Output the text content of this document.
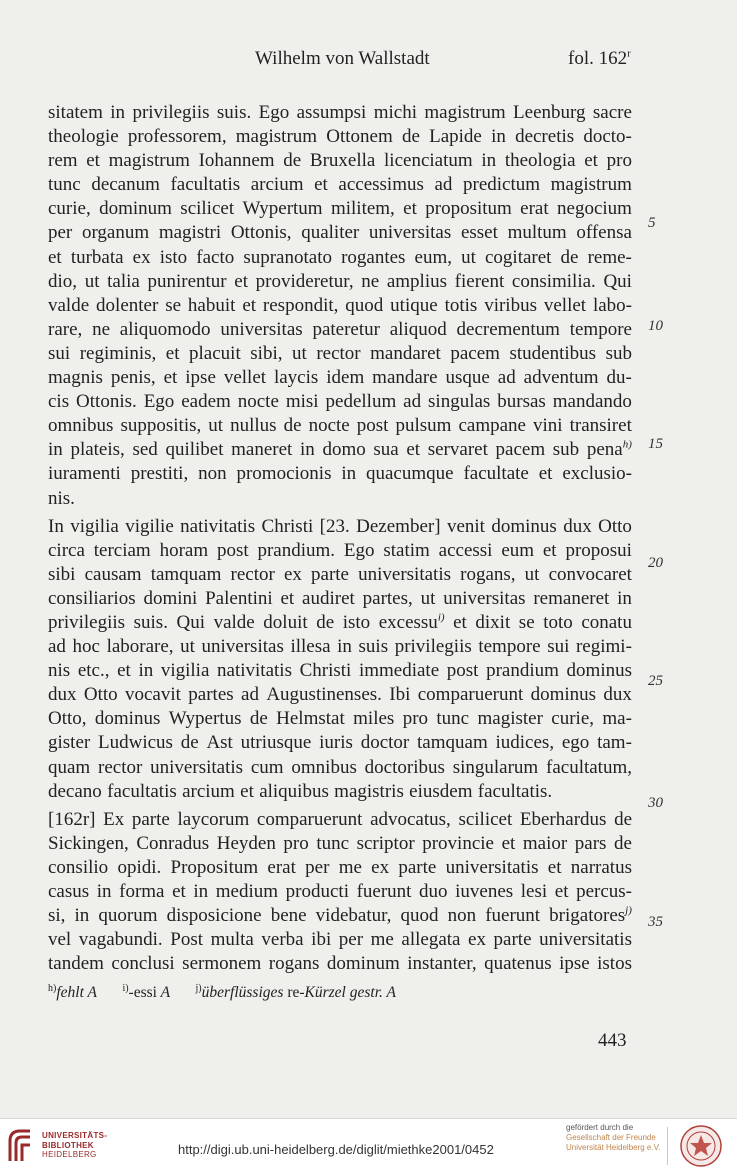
Wilhelm von Wallstadt	fol. 162$^r$
sitatem in privilegiis suis. Ego assumpsi michi magistrum Leenburg sacre
theologie professorem, magistrum Ottonem de Lapide in decretis docto-
rem et magistrum Iohannem de Bruxella licenciatum in theologia et pro
tunc decanum facultatis arcium et accessimus ad predictum magistrum
curie, dominum scilicet Wypertum militem, et propositum erat negocium
per organum magistri Ottonis, qualiter universitas esset multum offensa
et turbata ex isto facto supranotato rogantes eum, ut cogitaret de reme-
dio, ut talia punirentur et provideretur, ne amplius fierent consimilia. Qui
valde dolenter se habuit et respondit, quod utique totis viribus vellet labo-
rare, ne aliquomodo universitas pateretur aliquod decrementum tempore
sui regiminis, et placuit sibi, ut rector mandaret pacem studentibus sub
magnis penis, et ipse vellet laycis idem mandare usque ad adventum du-
cis Ottonis. Ego eadem nocte misi pedellum ad singulas bursas mandando
omnibus suppositis, ut nullus de nocte post pulsum campane vini transiret
in plateis, sed quilibet maneret in domo sua et servaret pacem sub pena$^{h)}$
iuramenti prestiti, non promocionis in quacumque facultate et exclusio-
nis.
In vigilia vigilie nativitatis Christi [23. Dezember] venit dominus dux Otto
circa terciam horam post prandium. Ego statim accessi eum et proposui
sibi causam tamquam rector ex parte universitatis rogans, ut convocaret
consiliarios domini Palentini et audiret partes, ut universitas remaneret in
privilegiis suis. Qui valde doluit de isto excessu$^{i)}$ et dixit se toto conatu
ad hoc laborare, ut universitas illesa in suis privilegiis tempore sui regimi-
nis etc., et in vigilia nativitatis Christi immediate post prandium dominus
dux Otto vocavit partes ad Augustinenses. Ibi comparuerunt dominus dux
Otto, dominus Wypertus de Helmstat miles pro tunc magister curie, ma-
gister Ludwicus de Ast utriusque iuris doctor tamquam iudices, ego tam-
quam rector universitatis cum omnibus doctoribus singularum facultatum,
decano facultatis arcium et aliquibus magistris eiusdem facultatis.
[162r] Ex parte laycorum comparuerunt advocatus, scilicet Eberhardus de
Sickingen, Conradus Heyden pro tunc scriptor provincie et maior pars de
consilio opidi. Propositum erat per me ex parte universitatis et narratus
casus in forma et in medium producti fuerunt duo iuvenes lesi et percus-
si, in quorum disposicione bene videbatur, quod non fuerunt brigatores$^{j)}$
vel vagabundi. Post multa verba ibi per me allegata ex parte universitatis
tandem conclusi sermonem rogans dominum instanter, quatenus ipse istos
5
10
15
20
25
30
35
$^{h)}$fehlt A	$^{i)}$-essi A	$^{j)}$überflüssiges re-Kürzel gestr. A
443
UNIVERSITÄTS-
BIBLIOTHEK
HEIDELBERG	http://digi.ub.uni-heidelberg.de/diglit/miethke2001/0452
gefördert durch die
Gesellschaft der Freunde
Universität Heidelberg e.V.
